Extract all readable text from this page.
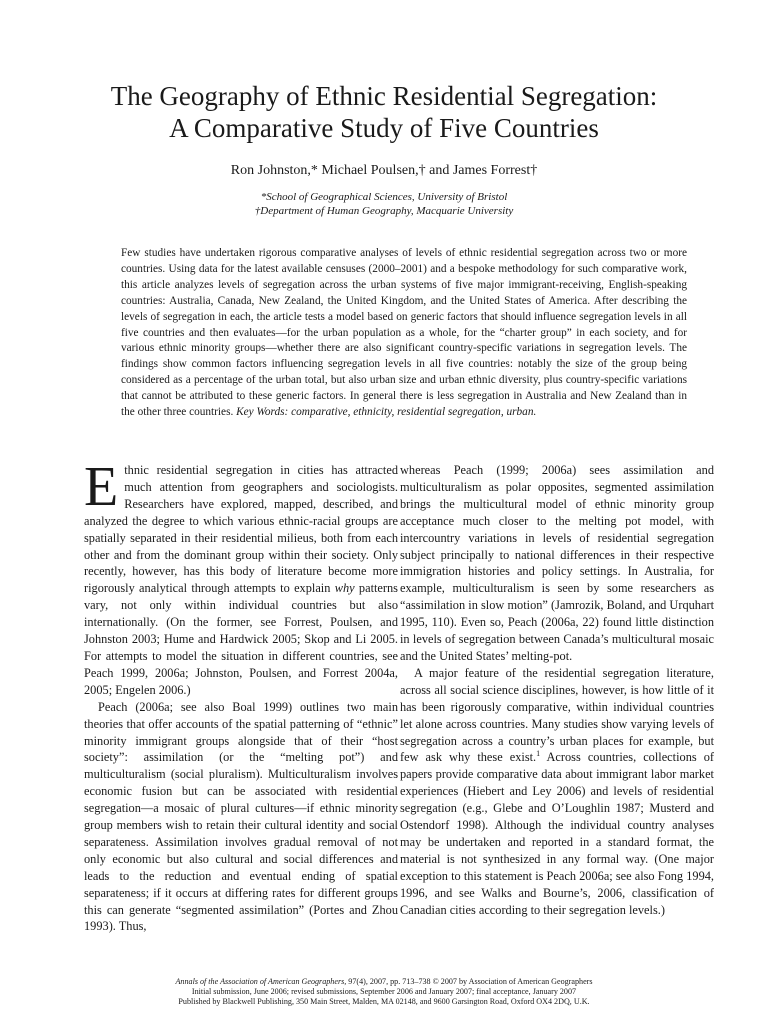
The Geography of Ethnic Residential Segregation:
A Comparative Study of Five Countries
Ron Johnston,* Michael Poulsen,† and James Forrest†
*School of Geographical Sciences, University of Bristol
†Department of Human Geography, Macquarie University

Few studies have undertaken rigorous comparative analyses of levels of ethnic residential segregation across two or more countries. Using data for the latest available censuses (2000–2001) and a bespoke methodology for such comparative work, this article analyzes levels of segregation across the urban systems of five major immigrant-receiving, English-speaking countries: Australia, Canada, New Zealand, the United Kingdom, and the United States of America. After describing the levels of segregation in each, the article tests a model based on generic factors that should influence segregation levels in all five countries and then evaluates—for the urban population as a whole, for the “charter group” in each society, and for various ethnic minority groups—whether there are also significant country-specific variations in segregation levels. The findings show common factors influencing segregation levels in all five countries: notably the size of the group being considered as a percentage of the urban total, but also urban size and urban ethnic diversity, plus country-specific variations that cannot be attributed to these generic factors. In general there is less segregation in Australia and New Zealand than in the other three countries. Key Words: comparative, ethnicity, residential segregation, urban.

Ethnic residential segregation in cities has attracted much attention from geographers and sociologists. Researchers have explored, mapped, described, and analyzed the degree to which various ethnic-racial groups are spatially separated in their residential milieus, both from each other and from the dominant group within their society. Only recently, however, has this body of literature become more rigorously analytical through attempts to explain why patterns vary, not only within individual countries but also internationally. (On the former, see Forrest, Poulsen, and Johnston 2003; Hume and Hardwick 2005; Skop and Li 2005. For attempts to model the situation in different countries, see Peach 1999, 2006a; Johnston, Poulsen, and Forrest 2004a, 2005; Engelen 2006.)

Peach (2006a; see also Boal 1999) outlines two main theories that offer accounts of the spatial patterning of “ethnic” minority immigrant groups alongside that of their “host society”: assimilation (or the “melting pot”) and multiculturalism (social pluralism). Multiculturalism involves economic fusion but can be associated with residential segregation—a mosaic of plural cultures—if ethnic minority group members wish to retain their cultural identity and social separateness. Assimilation involves gradual removal of not only economic but also cultural and social differences and leads to the reduction and eventual ending of spatial separateness; if it occurs at differing rates for different groups this can generate “segmented assimilation” (Portes and Zhou 1993). Thus,

whereas Peach (1999; 2006a) sees assimilation and multiculturalism as polar opposites, segmented assimilation brings the multicultural model of ethnic minority group acceptance much closer to the melting pot model, with intercountry variations in levels of residential segregation subject principally to national differences in their respective immigration histories and policy settings. In Australia, for example, multiculturalism is seen by some researchers as “assimilation in slow motion” (Jamrozik, Boland, and Urquhart 1995, 110). Even so, Peach (2006a, 22) found little distinction in levels of segregation between Canada’s multicultural mosaic and the United States’ melting-pot.

A major feature of the residential segregation literature, across all social science disciplines, however, is how little of it has been rigorously comparative, within individual countries let alone across countries. Many studies show varying levels of segregation across a country’s urban places for example, but few ask why these exist.$^1$ Across countries, collections of papers provide comparative data about immigrant labor market experiences (Hiebert and Ley 2006) and levels of residential segregation (e.g., Glebe and O’Loughlin 1987; Musterd and Ostendorf 1998). Although the individual country analyses may be undertaken and reported in a standard format, the material is not synthesized in any formal way. (One major exception to this statement is Peach 2006a; see also Fong 1994, 1996, and see Walks and Bourne’s, 2006, classification of Canadian cities according to their segregation levels.)

Annals of the Association of American Geographers, 97(4), 2007, pp. 713–738 © 2007 by Association of American Geographers
Initial submission, June 2006; revised submissions, September 2006 and January 2007; final acceptance, January 2007
Published by Blackwell Publishing, 350 Main Street, Malden, MA 02148, and 9600 Garsington Road, Oxford OX4 2DQ, U.K.
